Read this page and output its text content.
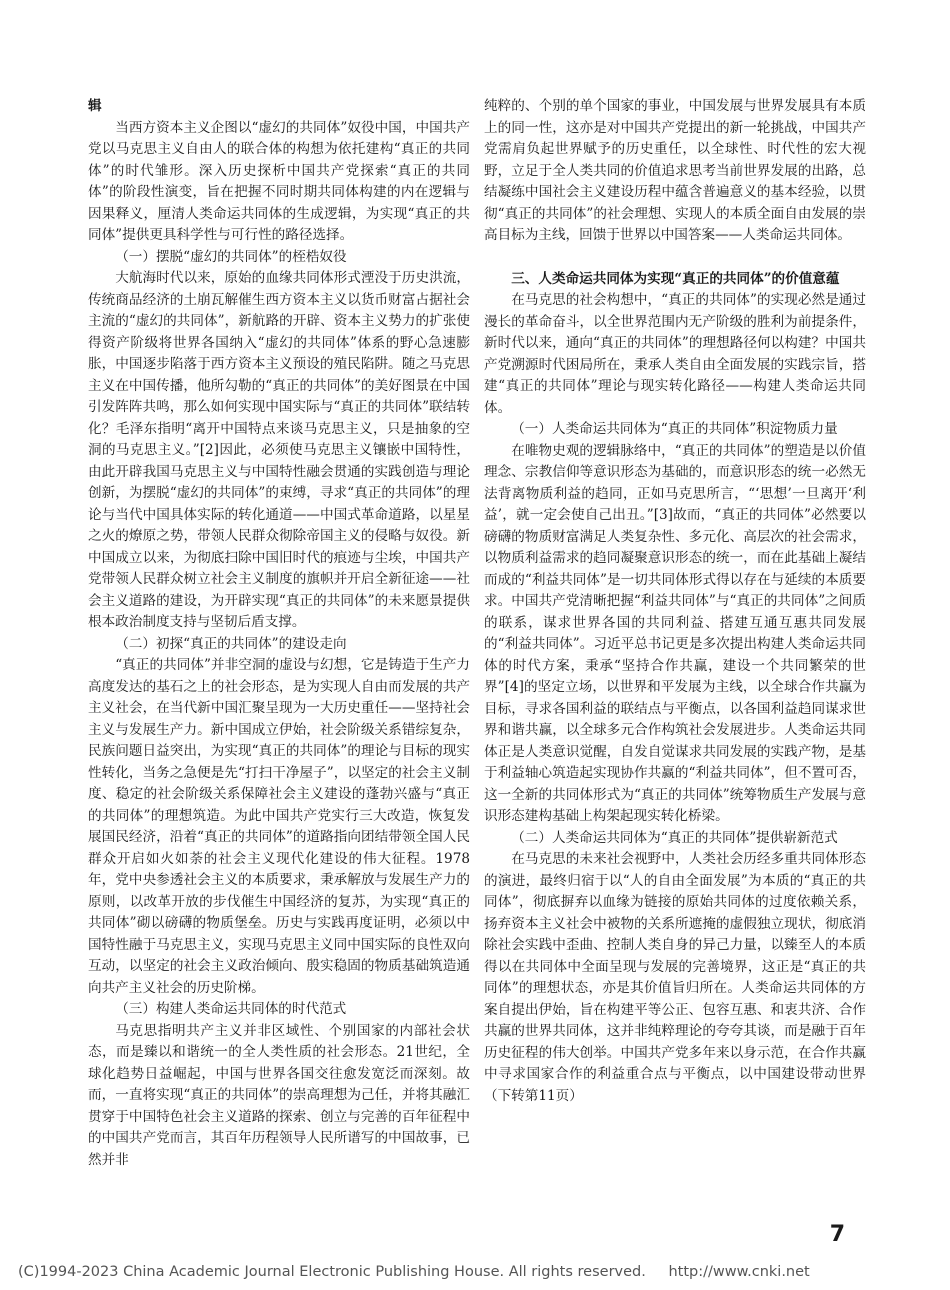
辑

当西方资本主义企图以“虚幻的共同体”奴役中国，中国共产党以马克思主义自由人的联合体的构想为依托建构“真正的共同体”的时代雏形。深入历史探析中国共产党探索“真正的共同体”的阶段性演变，旨在把握不同时期共同体构建的内在逻辑与因果释义，厘清人类命运共同体的生成逻辑，为实现“真正的共同体”提供更具科学性与可行性的路径选择。

（一）摆脱“虚幻的共同体”的桎梏奴役

大航海时代以来，原始的血缘共同体形式湮没于历史洪流，传统商品经济的土崩瓦解催生西方资本主义以货币财富占据社会主流的“虚幻的共同体”，新航路的开辟、资本主义势力的扩张使得资产阶级将世界各国纳入“虚幻的共同体”体系的野心急速膨胀，中国逐步陷落于西方资本主义预设的殖民陷阱。随之马克思主义在中国传播，他所勾勒的“真正的共同体”的美好图景在中国引发阵阵共鸣，那么如何实现中国实际与“真正的共同体”联结转化？毛泽东指明“离开中国特点来谈马克思主义，只是抽象的空洞的马克思主义。”[2]因此，必须使马克思主义镶嵌中国特性，由此开辟我国马克思主义与中国特性融会贯通的实践创造与理论创新，为摆脱“虚幻的共同体”的束缚，寻求“真正的共同体”的理论与当代中国具体实际的转化通道——中国式革命道路，以星星之火的燎原之势，带领人民群众彻除帝国主义的侵略与奴役。新中国成立以来，为彻底扫除中国旧时代的痕迹与尘埃，中国共产党带领人民群众树立社会主义制度的旗帜并开启全新征途——社会主义道路的建设，为开辟实现“真正的共同体”的未来愿景提供根本政治制度支持与坚韧后盾支撑。

（二）初探“真正的共同体”的建设走向

“真正的共同体”并非空洞的虚设与幻想，它是铸造于生产力高度发达的基石之上的社会形态，是为实现人自由而发展的共产主义社会，在当代新中国汇聚呈现为一大历史重任——坚持社会主义与发展生产力。新中国成立伊始，社会阶级关系错综复杂，民族问题日益突出，为实现“真正的共同体”的理论与目标的现实性转化，当务之急便是先“打扫干净屋子”，以坚定的社会主义制度、稳定的社会阶级关系保障社会主义建设的蓬勃兴盛与“真正的共同体”的理想筑造。为此中国共产党实行三大改造，恢复发展国民经济，沿着“真正的共同体”的道路指向团结带领全国人民群众开启如火如荼的社会主义现代化建设的伟大征程。1978年，党中央参透社会主义的本质要求，秉承解放与发展生产力的原则，以改革开放的步伐催生中国经济的复苏，为实现“真正的共同体”砌以磅礴的物质堡垒。历史与实践再度证明，必须以中国特性融于马克思主义，实现马克思主义同中国实际的良性双向互动，以坚定的社会主义政治倾向、殷实稳固的物质基础筑造通向共产主义社会的历史阶梯。

（三）构建人类命运共同体的时代范式

马克思指明共产主义并非区域性、个别国家的内部社会状态，而是臻以和谐统一的全人类性质的社会形态。21世纪，全球化趋势日益崛起，中国与世界各国交往愈发宽泛而深刻。故而，一直将实现“真正的共同体”的崇高理想为己任，并将其融汇贯穿于中国特色社会主义道路的探索、创立与完善的百年征程中的中国共产党而言，其百年历程领导人民所谱写的中国故事，已然并非

纯粹的、个别的单个国家的事业，中国发展与世界发展具有本质上的同一性，这亦是对中国共产党提出的新一轮挑战，中国共产党需肩负起世界赋予的历史重任，以全球性、时代性的宏大视野，立足于全人类共同的价值追求思考当前世界发展的出路，总结凝练中国社会主义建设历程中蕴含普遍意义的基本经验，以贯彻“真正的共同体”的社会理想、实现人的本质全面自由发展的崇高目标为主线，回馈于世界以中国答案——人类命运共同体。

三、人类命运共同体为实现“真正的共同体”的价值意蕴

在马克思的社会构想中，“真正的共同体”的实现必然是通过漫长的革命奋斗，以全世界范围内无产阶级的胜利为前提条件，新时代以来，通向“真正的共同体”的理想路径何以构建？中国共产党溯源时代困局所在，秉承人类自由全面发展的实践宗旨，搭建“真正的共同体”理论与现实转化路径——构建人类命运共同体。

（一）人类命运共同体为“真正的共同体”积淀物质力量

在唯物史观的逻辑脉络中，“真正的共同体”的塑造是以价值理念、宗教信仰等意识形态为基础的，而意识形态的统一必然无法背离物质利益的趋同，正如马克思所言，“‘思想’一旦离开‘利益’，就一定会使自己出丑。”[3]故而，“真正的共同体”必然要以磅礴的物质财富满足人类复杂性、多元化、高层次的社会需求，以物质利益需求的趋同凝聚意识形态的统一，而在此基础上凝结而成的“利益共同体”是一切共同体形式得以存在与延续的本质要求。中国共产党清晰把握“利益共同体”与“真正的共同体”之间质的联系，谋求世界各国的共同利益、搭建互通互惠共同发展的“利益共同体”。习近平总书记更是多次提出构建人类命运共同体的时代方案，秉承“坚持合作共赢，建设一个共同繁荣的世界”[4]的坚定立场，以世界和平发展为主线，以全球合作共赢为目标，寻求各国利益的联结点与平衡点，以各国利益趋同谋求世界和谐共赢，以全球多元合作构筑社会发展进步。人类命运共同体正是人类意识觉醒，自发自觉谋求共同发展的实践产物，是基于利益轴心筑造起实现协作共赢的“利益共同体”，但不置可否，这一全新的共同体形式为“真正的共同体”统筹物质生产发展与意识形态建构基础上构架起现实转化桥梁。

（二）人类命运共同体为“真正的共同体”提供崭新范式

在马克思的未来社会视野中，人类社会历经多重共同体形态的演进，最终归宿于以“人的自由全面发展”为本质的“真正的共同体”，彻底摒弃以血缘为链接的原始共同体的过度依赖关系，扬弃资本主义社会中被物的关系所遮掩的虚假独立现状，彻底消除社会实践中歪曲、控制人类自身的异己力量，以臻至人的本质得以在共同体中全面呈现与发展的完善境界，这正是“真正的共同体”的理想状态，亦是其价值旨归所在。人类命运共同体的方案自提出伊始，旨在构建平等公正、包容互惠、和衷共济、合作共赢的世界共同体，这并非纯粹理论的夸夸其谈，而是融于百年历史征程的伟大创举。中国共产党多年来以身示范，在合作共赢中寻求国家合作的利益重合点与平衡点，以中国建设带动世界（下转第11页）

7
(C)1994-2023 China Academic Journal Electronic Publishing House. All rights reserved. http://www.cnki.net
